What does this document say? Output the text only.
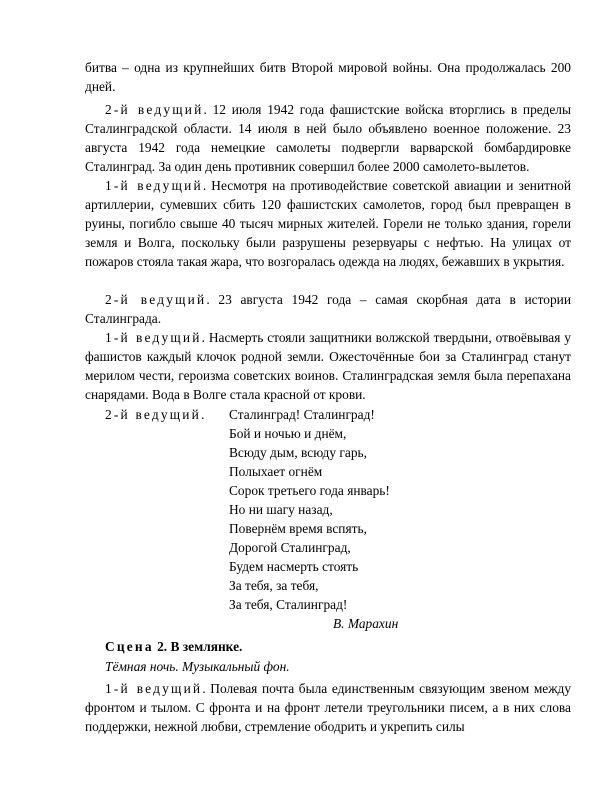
битва – одна из крупнейших битв Второй мировой войны. Она продолжалась 200 дней.

2-й ведущий. 12 июля 1942 года фашистские войска вторглись в пределы Сталинградской области. 14 июля в ней было объявлено военное положение. 23 августа 1942 года немецкие самолеты подвергли варварской бомбардировке Сталинград. За один день противник совершил более 2000 самолето-вылетов.

1-й ведущий. Несмотря на противодействие советской авиации и зенитной артиллерии, сумевших сбить 120 фашистских самолетов, город был превращен в руины, погибло свыше 40 тысяч мирных жителей. Горели не только здания, горели земля и Волга, поскольку были разрушены резервуары с нефтью. На улицах от пожаров стояла такая жара, что возгоралась одежда на людях, бежавших в укрытия.

2-й ведущий. 23 августа 1942 года – самая скорбная дата в истории Сталинграда.

1-й ведущий. Насмерть стояли защитники волжской твердыни, отвоёвывая у фашистов каждый клочок родной земли. Ожесточённые бои за Сталинград станут мерилом чести, героизма советских воинов. Сталинградская земля была перепахана снарядами. Вода в Волге стала красной от крови.

2-й ведущий. Сталинград! Сталинград!
Бой и ночью и днём,
Всюду дым, всюду гарь,
Полыхает огнём
Сорок третьего года январь!
Но ни шагу назад,
Повернём время вспять,
Дорогой Сталинград,
Будем насмерть стоять
За тебя, за тебя,
За тебя, Сталинград!
В. Марахин
Сцена 2. В землянке.
Тёмная ночь. Музыкальный фон.

1-й ведущий. Полевая почта была единственным связующим звеном между фронтом и тылом. С фронта и на фронт летели треугольники писем, а в них слова поддержки, нежной любви, стремление ободрить и укрепить силы
